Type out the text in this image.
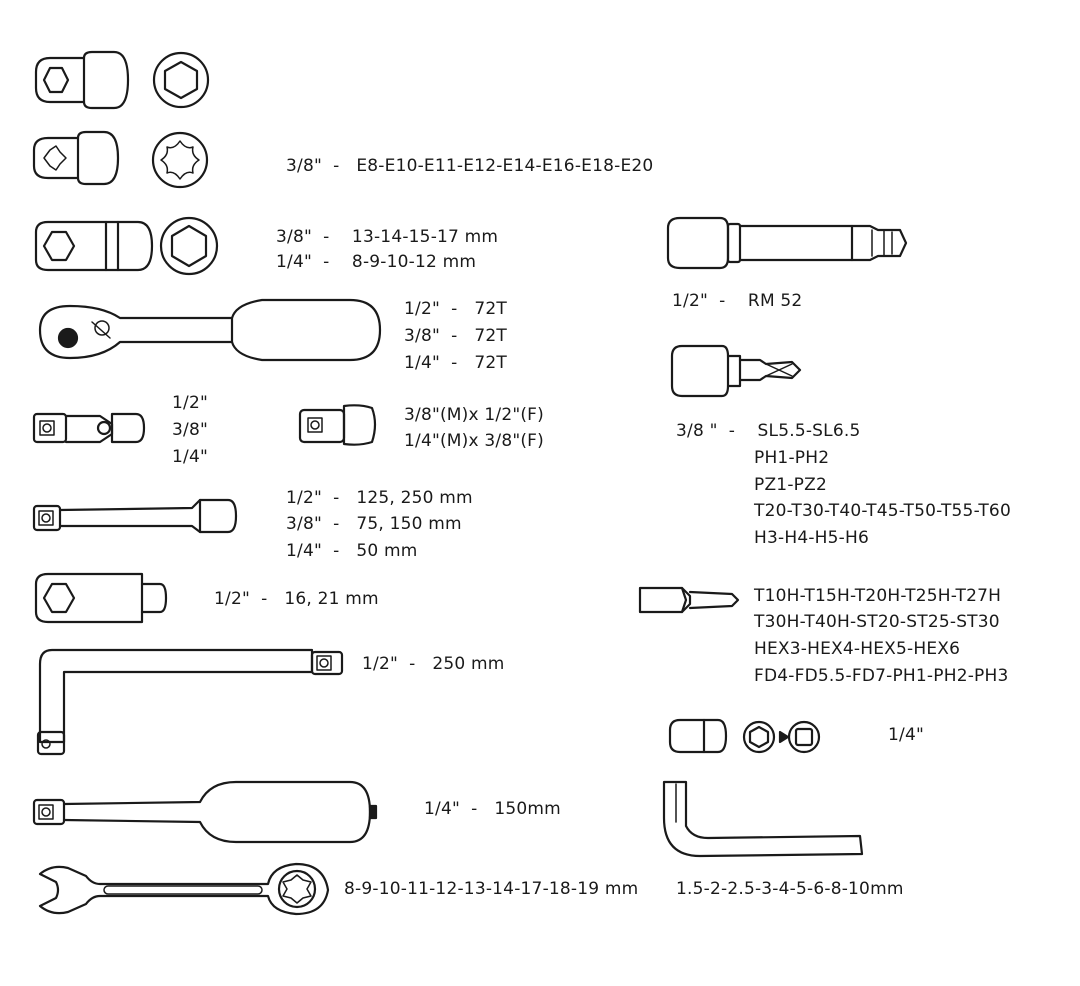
3/8"  -   E8-E10-E11-E12-E14-E16-E18-E20

3/8"  -    13-14-15-17 mm

1/4"  -    8-9-10-12 mm

1/2"  -   72T

3/8"  -   72T

1/4"  -   72T

1/2"

3/8"

1/4"

3/8"(M)x 1/2"(F)

1/4"(M)x 3/8"(F)

1/2"  -   125, 250 mm

3/8"  -   75, 150 mm

1/4"  -   50 mm

1/2"  -   16, 21 mm

1/2"  -   250 mm

1/4"  -   150mm

8-9-10-11-12-13-14-17-18-19 mm

1/2"  -    RM 52

3/8 "  -    SL5.5-SL6.5

PH1-PH2

PZ1-PZ2

T20-T30-T40-T45-T50-T55-T60

H3-H4-H5-H6

T10H-T15H-T20H-T25H-T27H

T30H-T40H-ST20-ST25-ST30

HEX3-HEX4-HEX5-HEX6

FD4-FD5.5-FD7-PH1-PH2-PH3

1/4"

1.5-2-2.5-3-4-5-6-8-10mm
